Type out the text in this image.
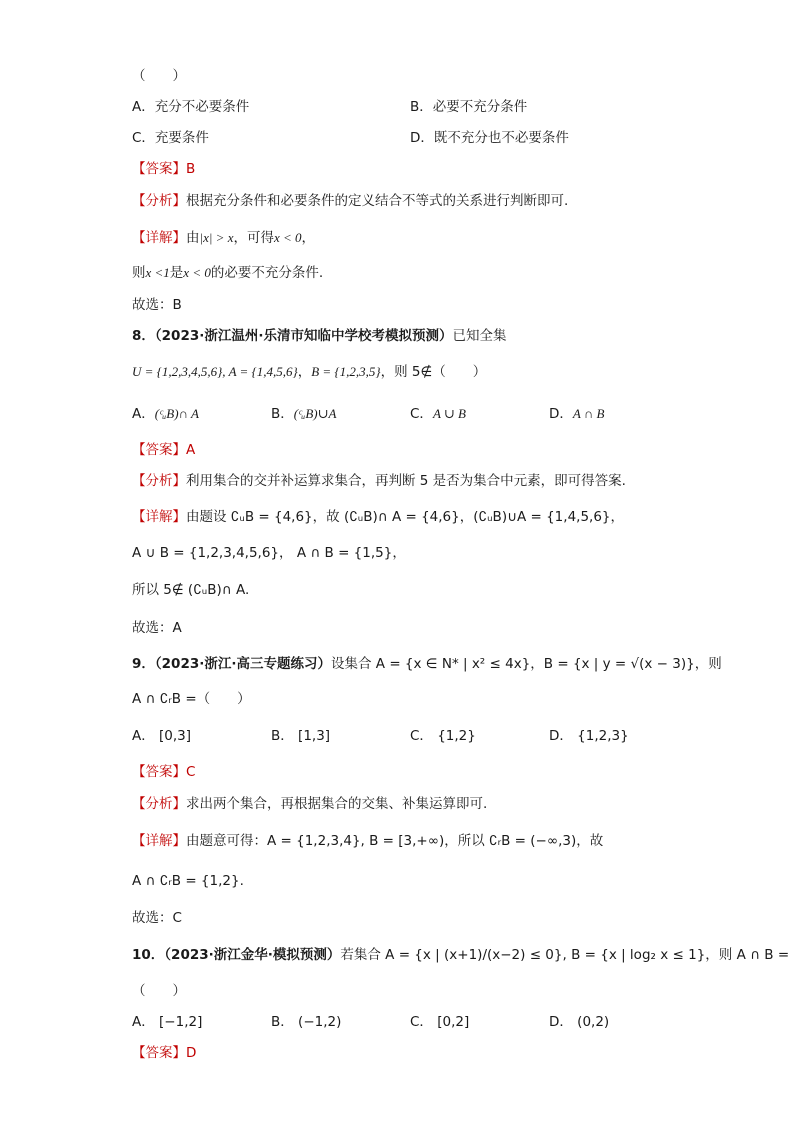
（　　）
A．充分不必要条件	B．必要不充分条件
C．充要条件	D．既不充分也不必要条件
【答案】B
【分析】根据充分条件和必要条件的定义结合不等式的关系进行判断即可.
【详解】由|x| > x，可得x < 0，
则x <1是x < 0的必要不充分条件.
故选：B
8．（2023·浙江温州·乐清市知临中学校考模拟预测）已知全集
U = {1,2,3,4,5,6}, A = {1,4,5,6}，B = {1,2,3,5}，则 5∉（　　）
A．(ᶜᵤB)∩ A	B．(ᶜᵤB)∪A	C．A ∪ B	D．A ∩ B
【答案】A
【分析】利用集合的交并补运算求集合，再判断 5 是否为集合中元素，即可得答案.
【详解】由题设 ∁ᵤB = {4,6}，故 (∁ᵤB)∩ A = {4,6}，(∁ᵤB)∪A = {1,4,5,6}，
A ∪ B = {1,2,3,4,5,6}， A ∩ B = {1,5}，
所以 5∉ (∁ᵤB)∩ A.
故选：A
9．（2023·浙江·高三专题练习）设集合 A = {x ∈ N* | x² ≤ 4x}，B = {x | y = √(x − 3)}，则
A ∩ ∁ᵣB =（　　）
A． [0,3]	B． [1,3]	C． {1,2}	D． {1,2,3}
【答案】C
【分析】求出两个集合，再根据集合的交集、补集运算即可.
【详解】由题意可得：A = {1,2,3,4}, B = [3,+∞)，所以 ∁ᵣB = (−∞,3)，故
A ∩ ∁ᵣB = {1,2}.
故选：C
10．（2023·浙江金华·模拟预测）若集合 A = {x | (x+1)/(x−2) ≤ 0}, B = {x | log₂ x ≤ 1}，则 A ∩ B =
（　　）
A． [−1,2]	B． (−1,2)	C． [0,2]	D． (0,2)
【答案】D
